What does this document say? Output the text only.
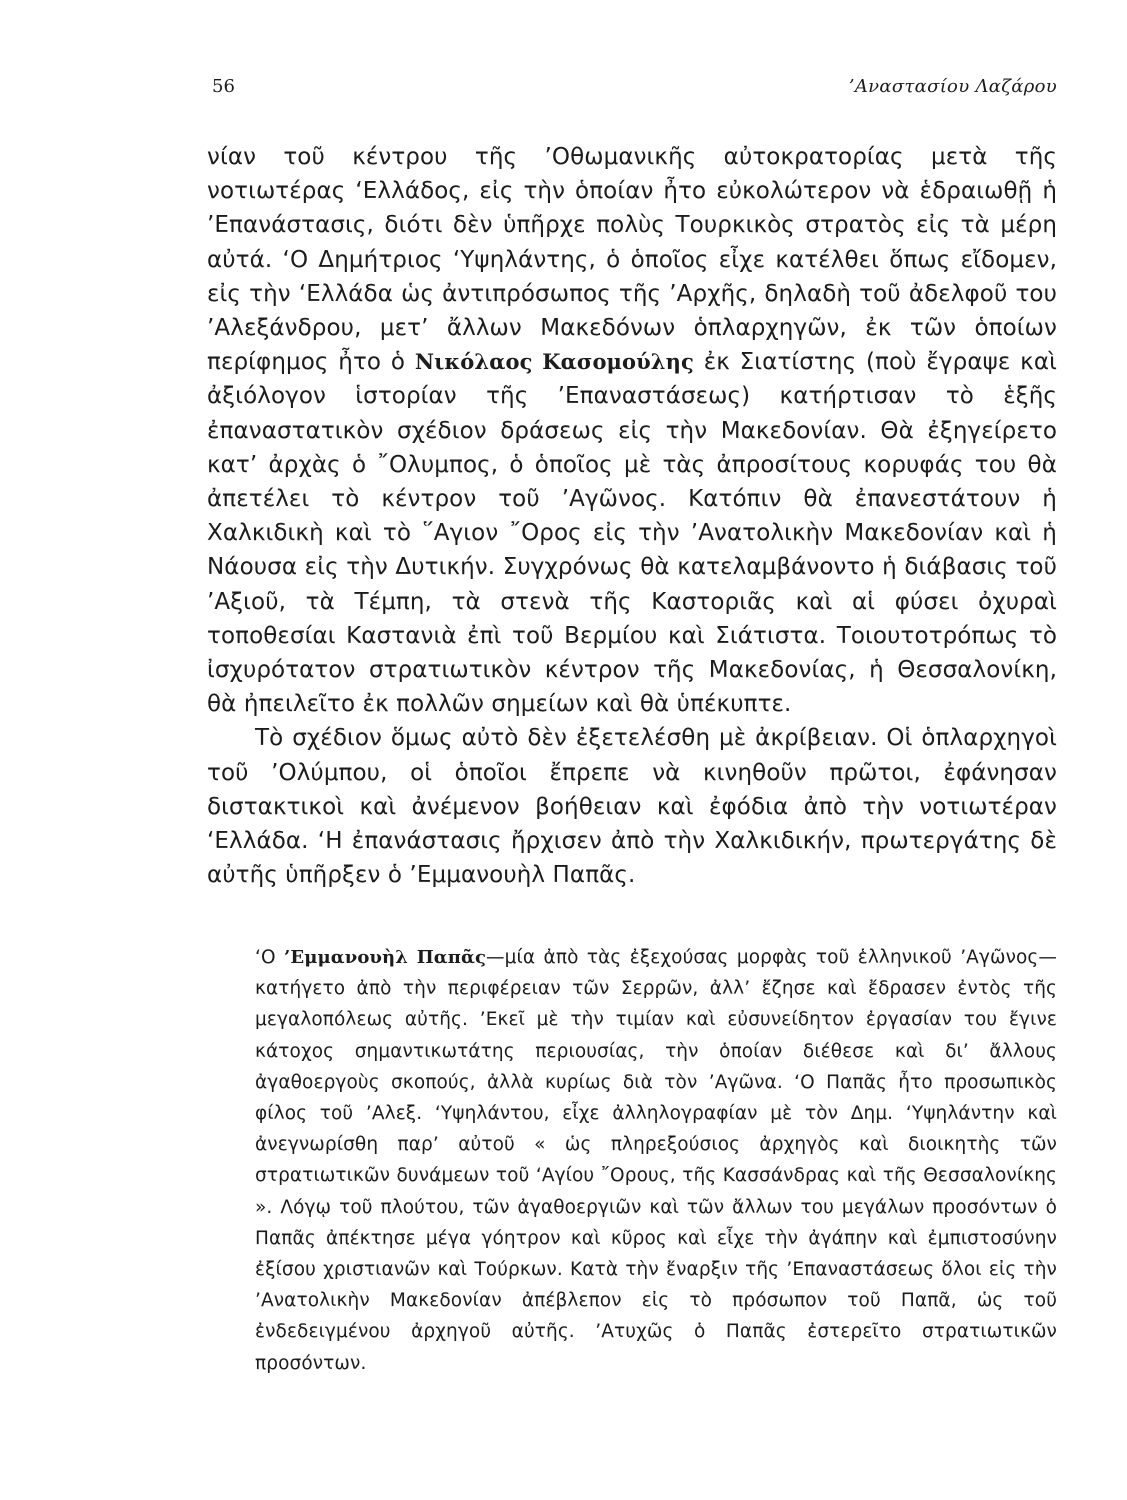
56	’Αναστασίου Λαζάρου

νίαν τοῦ κέντρου τῆς ’Οθωμανικῆς αὐτοκρατορίας μετὰ τῆς νοτιωτέρας ‘Ελλάδος, εἰς τὴν ὁποίαν ἦτο εὐκολώτερον νὰ ἑδραιωθῇ ἡ ’Επανάστασις, διότι δὲν ὑπῆρχε πολὺς Τουρκικὸς στρατὸς εἰς τὰ μέρη αὐτά. ‘Ο Δημήτριος ‘Υψηλάντης, ὁ ὁποῖος εἶχε κατέλθει ὅπως εἴδομεν, εἰς τὴν ‘Ελλάδα ὡς ἀντιπρόσωπος τῆς ’Αρχῆς, δηλαδὴ τοῦ ἀδελφοῦ του ’Αλεξάνδρου, μετ’ ἄλλων Μακεδόνων ὁπλαρχηγῶν, ἐκ τῶν ὁποίων περίφημος ἦτο ὁ Νικόλαος Κασομούλης ἐκ Σιατίστης (ποὺ ἔγραψε καὶ ἀξιόλογον ἱστορίαν τῆς ’Επαναστάσεως) κατήρτισαν τὸ ἑξῆς ἐπαναστατικὸν σχέδιον δράσεως εἰς τὴν Μακεδονίαν. Θὰ ἐξηγείρετο κατ’ ἀρχὰς ὁ ῎Ολυμπος, ὁ ὁποῖος μὲ τὰς ἀπροσίτους κορυφάς του θὰ ἀπετέλει τὸ κέντρον τοῦ ’Αγῶνος. Κατόπιν θὰ ἐπανεστάτουν ἡ Χαλκιδικὴ καὶ τὸ ῞Αγιον ῎Ορος εἰς τὴν ’Ανατολικὴν Μακεδονίαν καὶ ἡ Νάουσα εἰς τὴν Δυτικήν. Συγχρόνως θὰ κατελαμβάνοντο ἡ διάβασις τοῦ ’Αξιοῦ, τὰ Τέμπη, τὰ στενὰ τῆς Καστοριᾶς καὶ αἱ φύσει ὀχυραὶ τοποθεσίαι Καστανιὰ ἐπὶ τοῦ Βερμίου καὶ Σιάτιστα. Τοιουτοτρόπως τὸ ἰσχυρότατον στρατιωτικὸν κέντρον τῆς Μακεδονίας, ἡ Θεσσαλονίκη, θὰ ἠπειλεῖτο ἐκ πολλῶν σημείων καὶ θὰ ὑπέκυπτε.

Τὸ σχέδιον ὅμως αὐτὸ δὲν ἐξετελέσθη μὲ ἀκρίβειαν. Οἱ ὁπλαρχηγοὶ τοῦ ’Ολύμπου, οἱ ὁποῖοι ἔπρεπε νὰ κινηθοῦν πρῶτοι, ἐφάνησαν διστακτικοὶ καὶ ἀνέμενον βοήθειαν καὶ ἐφόδια ἀπὸ τὴν νοτιωτέραν ‘Ελλάδα. ‘Η ἐπανάστασις ἤρχισεν ἀπὸ τὴν Χαλκιδικήν, πρωτεργάτης δὲ αὐτῆς ὑπῆρξεν ὁ ’Εμμανουὴλ Παπᾶς.

‘Ο ’Εμμανουὴλ Παπᾶς—μία ἀπὸ τὰς ἐξεχούσας μορφὰς τοῦ ἑλληνικοῦ ’Αγῶνος—κατήγετο ἀπὸ τὴν περιφέρειαν τῶν Σερρῶν, ἀλλ’ ἔζησε καὶ ἔδρασεν ἐντὸς τῆς μεγαλοπόλεως αὐτῆς. ’Εκεῖ μὲ τὴν τιμίαν καὶ εὐσυνείδητον ἐργασίαν του ἔγινε κάτοχος σημαντικωτάτης περιουσίας, τὴν ὁποίαν διέθεσε καὶ δι’ ἄλλους ἀγαθοεργοὺς σκοπούς, ἀλλὰ κυρίως διὰ τὸν ’Αγῶνα. ‘Ο Παπᾶς ἦτο προσωπικὸς φίλος τοῦ ’Αλεξ. ‘Υψηλάντου, εἶχε ἀλληλογραφίαν μὲ τὸν Δημ. ‘Υψηλάντην καὶ ἀνεγνωρίσθη παρ’ αὐτοῦ « ὡς πληρεξούσιος ἀρχηγὸς καὶ διοικητὴς τῶν στρατιωτικῶν δυνάμεων τοῦ ‘Αγίου ῎Ορους, τῆς Κασσάνδρας καὶ τῆς Θεσσαλονίκης ». Λόγῳ τοῦ πλούτου, τῶν ἀγαθοεργιῶν καὶ τῶν ἄλλων του μεγάλων προσόντων ὁ Παπᾶς ἀπέκτησε μέγα γόητρον καὶ κῦρος καὶ εἶχε τὴν ἀγάπην καὶ ἐμπιστοσύνην ἐξίσου χριστιανῶν καὶ Τούρκων. Κατὰ τὴν ἔναρξιν τῆς ’Επαναστάσεως ὅλοι εἰς τὴν ’Ανατολικὴν Μακεδονίαν ἀπέβλεπον εἰς τὸ πρόσωπον τοῦ Παπᾶ, ὡς τοῦ ἐνδεδειγμένου ἀρχηγοῦ αὐτῆς. ’Ατυχῶς ὁ Παπᾶς ἐστερεῖτο στρατιωτικῶν προσόντων.
